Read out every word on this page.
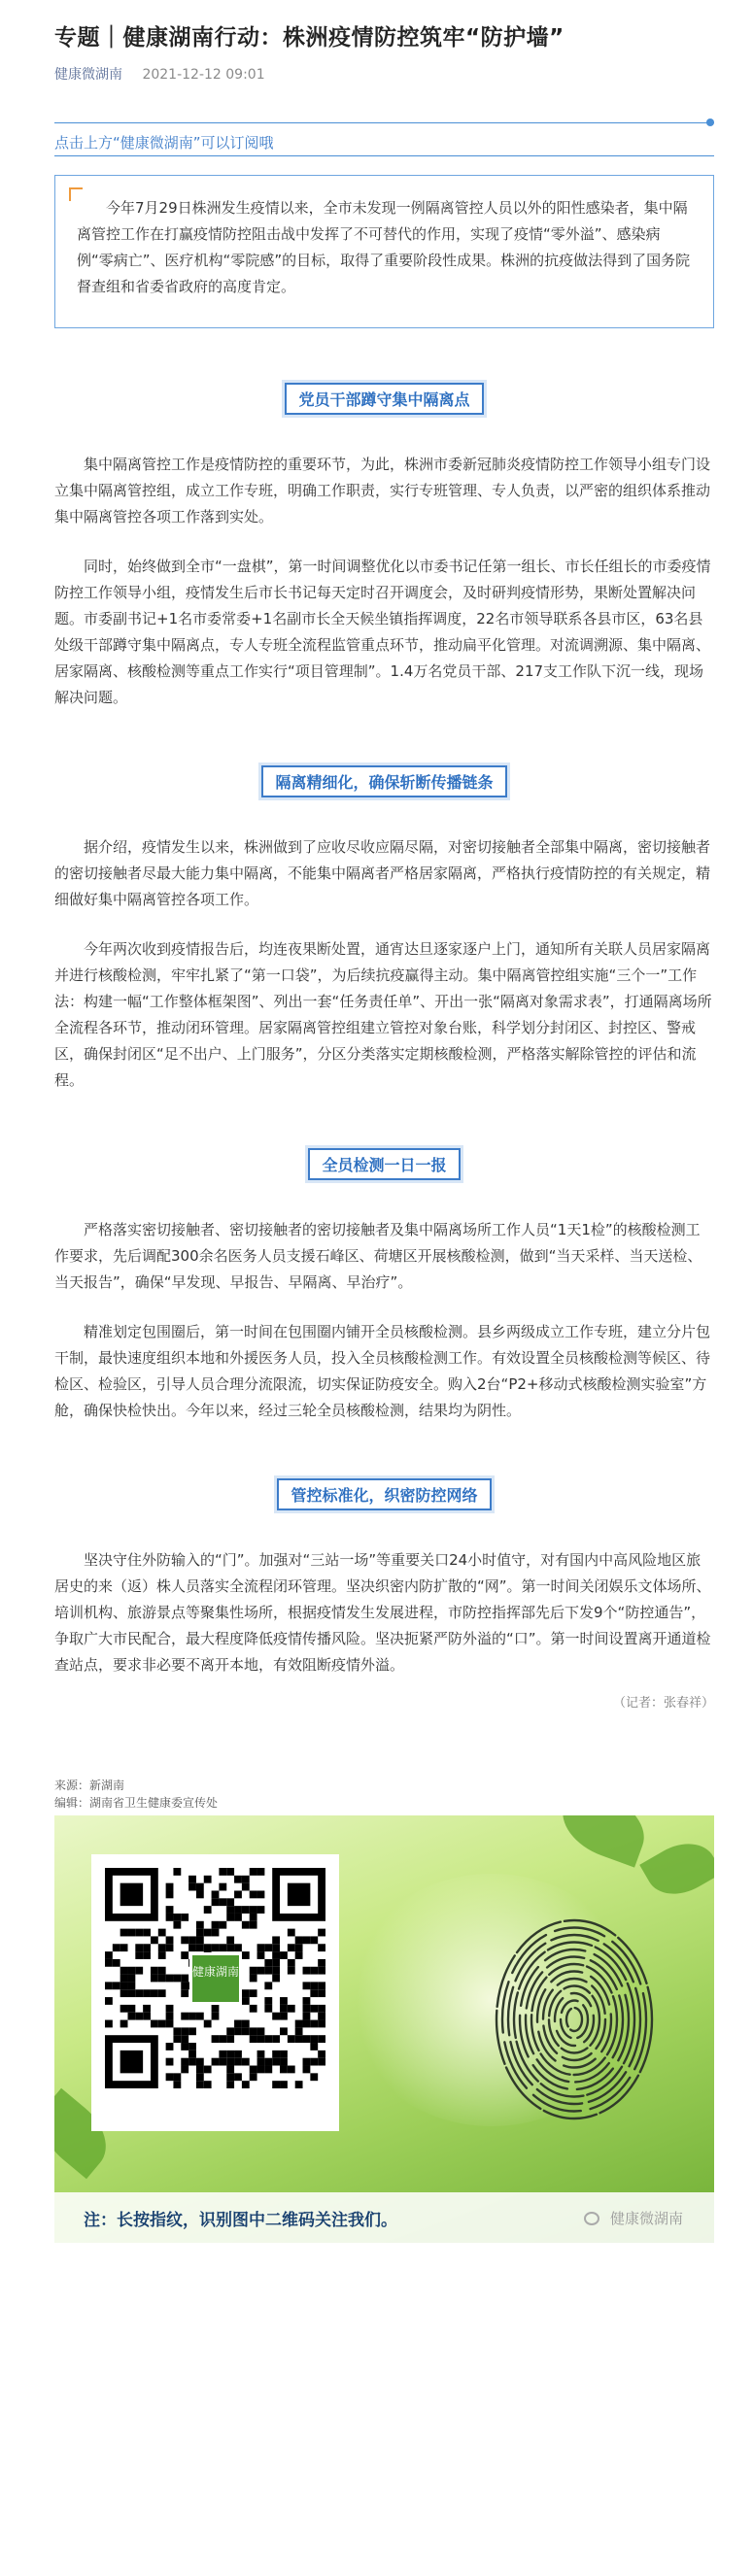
专题｜健康湖南行动：株洲疫情防控筑牢“防护墙”
健康微湖南 2021-12-12 09:01
点击上方“健康微湖南”可以订阅哦

今年7月29日株洲发生疫情以来，全市未发现一例隔离管控人员以外的阳性感染者，集中隔离管控工作在打赢疫情防控阻击战中发挥了不可替代的作用，实现了疫情“零外溢”、感染病例“零病亡”、医疗机构“零院感”的目标，取得了重要阶段性成果。株洲的抗疫做法得到了国务院督查组和省委省政府的高度肯定。

党员干部蹲守集中隔离点

集中隔离管控工作是疫情防控的重要环节，为此，株洲市委新冠肺炎疫情防控工作领导小组专门设立集中隔离管控组，成立工作专班，明确工作职责，实行专班管理、专人负责，以严密的组织体系推动集中隔离管控各项工作落到实处。

同时，始终做到全市“一盘棋”，第一时间调整优化以市委书记任第一组长、市长任组长的市委疫情防控工作领导小组，疫情发生后市长书记每天定时召开调度会，及时研判疫情形势，果断处置解决问题。市委副书记+1名市委常委+1名副市长全天候坐镇指挥调度，22名市领导联系各县市区，63名县处级干部蹲守集中隔离点，专人专班全流程监管重点环节，推动扁平化管理。对流调溯源、集中隔离、居家隔离、核酸检测等重点工作实行“项目管理制”。1.4万名党员干部、217支工作队下沉一线，现场解决问题。

隔离精细化，确保斩断传播链条

据介绍，疫情发生以来，株洲做到了应收尽收应隔尽隔，对密切接触者全部集中隔离，密切接触者的密切接触者尽最大能力集中隔离，不能集中隔离者严格居家隔离，严格执行疫情防控的有关规定，精细做好集中隔离管控各项工作。

今年两次收到疫情报告后，均连夜果断处置，通宵达旦逐家逐户上门，通知所有关联人员居家隔离并进行核酸检测，牢牢扎紧了“第一口袋”，为后续抗疫赢得主动。集中隔离管控组实施“三个一”工作法：构建一幅“工作整体框架图”、列出一套“任务责任单”、开出一张“隔离对象需求表”，打通隔离场所全流程各环节，推动闭环管理。居家隔离管控组建立管控对象台账，科学划分封闭区、封控区、警戒区，确保封闭区“足不出户、上门服务”，分区分类落实定期核酸检测，严格落实解除管控的评估和流程。

全员检测一日一报

严格落实密切接触者、密切接触者的密切接触者及集中隔离场所工作人员“1天1检”的核酸检测工作要求，先后调配300余名医务人员支援石峰区、荷塘区开展核酸检测，做到“当天采样、当天送检、当天报告”，确保“早发现、早报告、早隔离、早治疗”。

精准划定包围圈后，第一时间在包围圈内铺开全员核酸检测。县乡两级成立工作专班，建立分片包干制，最快速度组织本地和外援医务人员，投入全员核酸检测工作。有效设置全员核酸检测等候区、待检区、检验区，引导人员合理分流限流，切实保证防疫安全。购入2台“P2+移动式核酸检测实验室”方舱，确保快检快出。今年以来，经过三轮全员核酸检测，结果均为阴性。

管控标准化，织密防控网络

坚决守住外防输入的“门”。加强对“三站一场”等重要关口24小时值守，对有国内中高风险地区旅居史的来（返）株人员落实全流程闭环管理。坚决织密内防扩散的“网”。第一时间关闭娱乐文体场所、培训机构、旅游景点等聚集性场所，根据疫情发生发展进程，市防控指挥部先后下发9个“防控通告”，争取广大市民配合，最大程度降低疫情传播风险。坚决扼紧严防外溢的“口”。第一时间设置离开通道检查站点，要求非必要不离开本地，有效阻断疫情外溢。

（记者：张春祥）
来源：新湖南
编辑：湖南省卫生健康委宣传处
健康湖南
注：长按指纹，识别图中二维码关注我们。	健康微湖南
